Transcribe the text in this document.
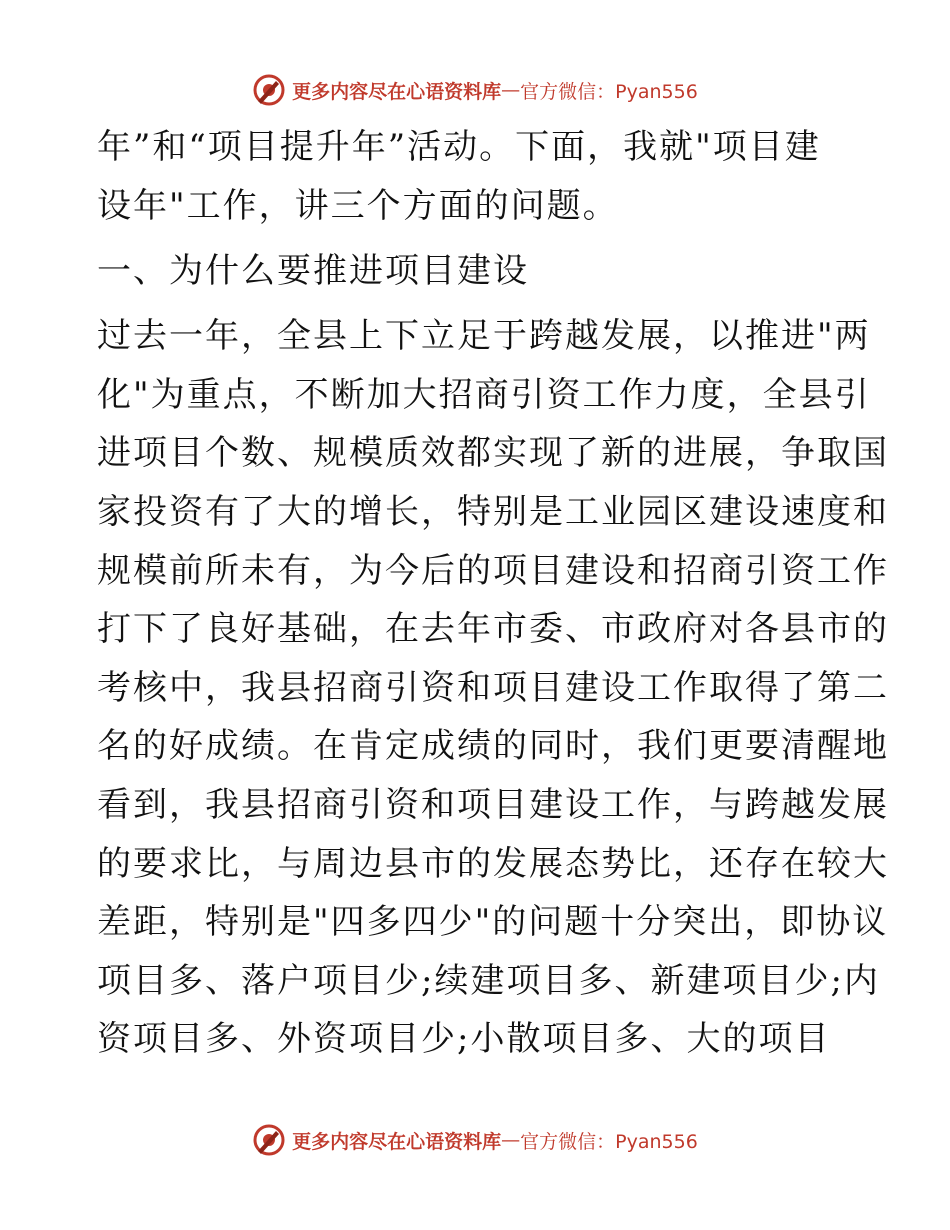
更多内容尽在心语资料库 — 官方微信：Pyan556
年”和“项目提升年”活动。下面，我就"项目建
设年"工作，讲三个方面的问题。
一、为什么要推进项目建设
过去一年，全县上下立足于跨越发展，以推进"两
化"为重点，不断加大招商引资工作力度，全县引
进项目个数、规模质效都实现了新的进展，争取国
家投资有了大的增长，特别是工业园区建设速度和
规模前所未有，为今后的项目建设和招商引资工作
打下了良好基础，在去年市委、市政府对各县市的
考核中，我县招商引资和项目建设工作取得了第二
名的好成绩。在肯定成绩的同时，我们更要清醒地
看到，我县招商引资和项目建设工作，与跨越发展
的要求比，与周边县市的发展态势比，还存在较大
差距，特别是"四多四少"的问题十分突出，即协议
项目多、落户项目少;续建项目多、新建项目少;内
资项目多、外资项目少;小散项目多、大的项目
更多内容尽在心语资料库 — 官方微信：Pyan556
